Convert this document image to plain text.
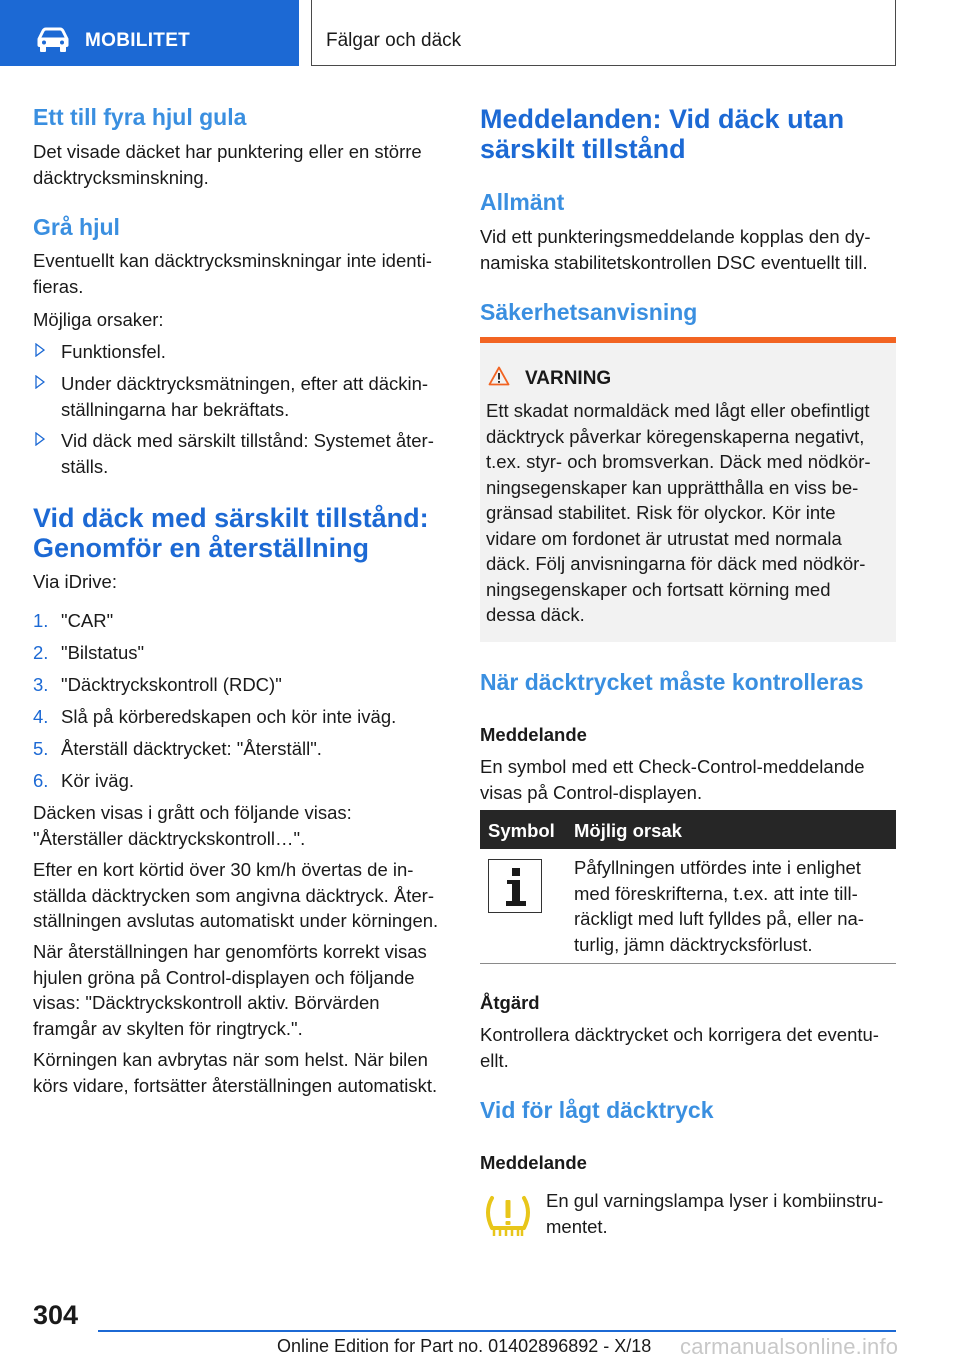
MOBILITET	Fälgar och däck
Ett till fyra hjul gula
Det visade däcket har punktering eller en större
däcktrycksminskning.
Grå hjul
Eventuellt kan däcktrycksminskningar inte identi-
fieras.
Möjliga orsaker:
Funktionsfel.
Under däcktrycksmätningen, efter att däckin-
ställningarna har bekräftats.
Vid däck med särskilt tillstånd: Systemet åter-
ställs.
Vid däck med särskilt tillstånd:
Genomför en återställning
Via iDrive:
1. "CAR"
2. "Bilstatus"
3. "Däcktryckskontroll (RDC)"
4. Slå på körberedskapen och kör inte iväg.
5. Återställ däcktrycket: "Återställ".
6. Kör iväg.
Däcken visas i grått och följande visas:
"Återställer däcktryckskontroll…".
Efter en kort körtid över 30 km/h övertas de in-
ställda däcktrycken som angivna däcktryck. Åter-
ställningen avslutas automatiskt under körningen.
När återställningen har genomförts korrekt visas
hjulen gröna på Control-displayen och följande
visas: "Däcktryckskontroll aktiv. Börvärden
framgår av skylten för ringtryck.".
Körningen kan avbrytas när som helst. När bilen
körs vidare, fortsätter återställningen automatiskt.
Meddelanden: Vid däck utan
särskilt tillstånd
Allmänt
Vid ett punkteringsmeddelande kopplas den dy-
namiska stabilitetskontrollen DSC eventuellt till.
Säkerhetsanvisning
VARNING
Ett skadat normaldäck med lågt eller obefintligt
däcktryck påverkar köregenskaperna negativt,
t.ex. styr- och bromsverkan. Däck med nödkör-
ningsegenskaper kan upprätthålla en viss be-
gränsad stabilitet. Risk för olyckor. Kör inte
vidare om fordonet är utrustat med normala
däck. Följ anvisningarna för däck med nödkör-
ningsegenskaper och fortsatt körning med
dessa däck.
När däcktrycket måste kontrolleras
Meddelande
En symbol med ett Check-Control-meddelande
visas på Control-displayen.
Symbol Möjlig orsak
Påfyllningen utfördes inte i enlighet
med föreskrifterna, t.ex. att inte till-
räckligt med luft fylldes på, eller na-
turlig, jämn däcktrycksförlust.
Åtgärd
Kontrollera däcktrycket och korrigera det eventu-
ellt.
Vid för lågt däcktryck
Meddelande
En gul varningslampa lyser i kombiinstru-
mentet.
304
Online Edition for Part no. 01402896892 - X/18 carmanualsonline.info
